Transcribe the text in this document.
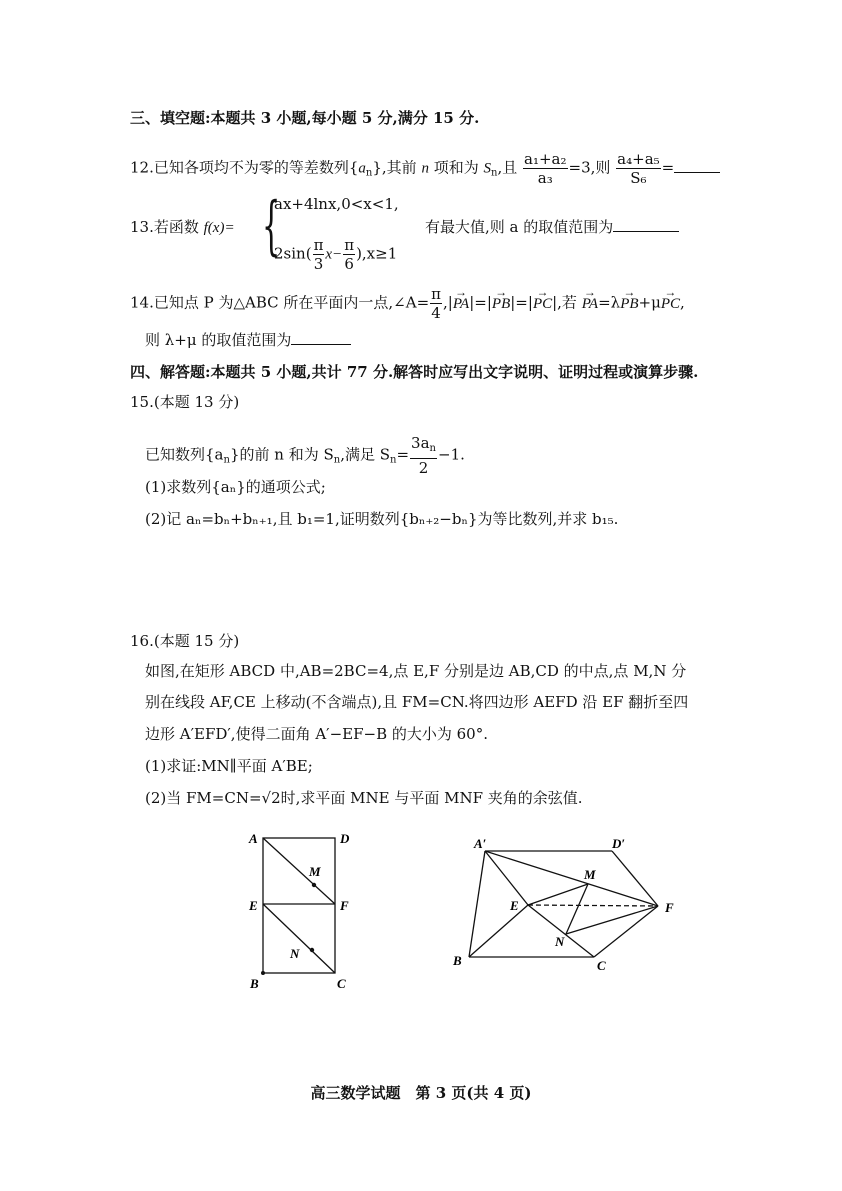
三、填空题:本题共 3 小题,每小题 5 分,满分 15 分.
12.已知各项均不为零的等差数列$\{a_n\}$,其前 n 项和为 $S_n$,且 $\frac{\text{a₁+a₂}}{\text{a₃}} =3$,则 $\frac{\text{a₄+a₅}}{\text{S₆}}$ =
13.若函数 f(x)= {
ax+4lnx,0<x<1,
$2\sin( \frac{\pi}{3} x- \frac{\pi}{6} ),x\ge 1$
有最大值,则 a 的取值范围为
14.已知点 P 为△ABC 所在平面内一点,∠A= $\frac{\pi}{4}$ ,|→ PA|=|→ PB|=|→ PC|,若 → PA=λ→ PB+μ→ PC,
则 λ+μ 的取值范围为
四、解答题:本题共 5 小题,共计 77 分.解答时应写出文字说明、证明过程或演算步骤.
15.(本题 13 分)
已知数列$\{a_n\}$的前 n 和为 $S_n$,满足 $S_n= \frac{3a_n}{2} -1$.
(1)求数列{aₙ}的通项公式;
(2)记 aₙ=bₙ+bₙ₊₁,且 b₁=1,证明数列{bₙ₊₂−bₙ}为等比数列,并求 b₁₅.
16.(本题 15 分)
如图,在矩形 ABCD 中,AB=2BC=4,点 E,F 分别是边 AB,CD 的中点,点 M,N 分
别在线段 AF,CE 上移动(不含端点),且 FM=CN.将四边形 AEFD 沿 EF 翻折至四
边形 A′EFD′,使得二面角 A′−EF−B 的大小为 60°.
(1)求证:MN∥平面 A′BE;
(2)当 FM=CN=√2时,求平面 MNE 与平面 MNF 夹角的余弦值.
A	D
E	F
B	C
M
N
A′	D′
M
E	F
N
B	C
高三数学试题　第 3 页(共 4 页)
